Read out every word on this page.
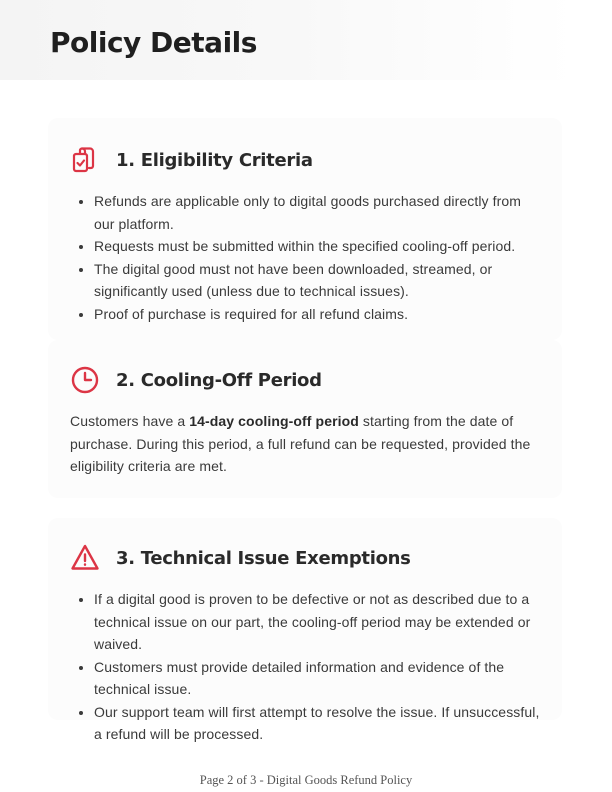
Policy Details
1. Eligibility Criteria
• Refunds are applicable only to digital goods purchased directly from our platform.
• Requests must be submitted within the specified cooling-off period.
• The digital good must not have been downloaded, streamed, or significantly used (unless due to technical issues).
• Proof of purchase is required for all refund claims.
2. Cooling-Off Period

Customers have a 14-day cooling-off period starting from the date of purchase. During this period, a full refund can be requested, provided the eligibility criteria are met.

3. Technical Issue Exemptions
• If a digital good is proven to be defective or not as described due to a technical issue on our part, the cooling-off period may be extended or waived.
• Customers must provide detailed information and evidence of the technical issue.
• Our support team will first attempt to resolve the issue. If unsuccessful, a refund will be processed.
Page 2 of 3 - Digital Goods Refund Policy
